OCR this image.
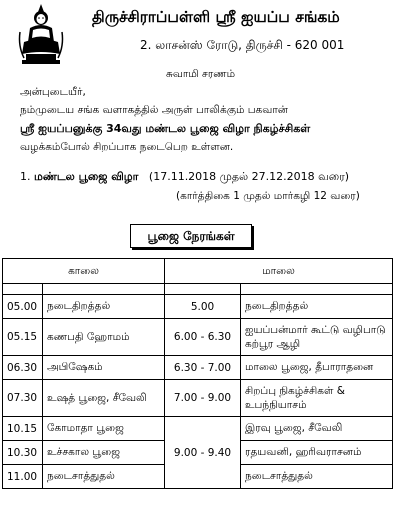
திருச்சிராப்பள்ளி ஸ்ரீ ஐயப்ப சங்கம்
2. லாசன்ஸ் ரோடு, திருச்சி - 620 001
சுவாமி சரணம்
அன்புடையீர்,
நம்முடைய சங்க வளாகத்தில் அருள் பாலிக்கும் பகவான்
ஸ்ரீ ஐயப்பனுக்கு 34வது மண்டல பூஜை விழா நிகழ்ச்சிகள்
வழக்கம்போல் சிறப்பாக நடைபெற உள்ளன.
1. மண்டல பூஜை விழா (17.11.2018 முதல் 27.12.2018 வரை)
(கார்த்திகை 1 முதல் மார்கழி 12 வரை)
பூஜை நேரங்கள்
காலை		மாலை	

05.00	நடைதிறத்தல்	5.00	நடைதிறத்தல்
05.15	கணபதி ஹோமம்	6.00 - 6.30	ஐயப்பன்மார் கூட்டு வழிபாடு கற்பூர ஆழி
06.30	அபிஷேகம்	6.30 - 7.00	மாலை பூஜை, தீபாராதனை
07.30	உஷத் பூஜை, சீவேலி	7.00 - 9.00	சிறப்பு நிகழ்ச்சிகள் & உபந்நியாசம்
10.15	கோமாதா பூஜை	9.00 - 9.40	இரவு பூஜை, சீவேலி
10.30	உச்சகால பூஜை		ரதயவனி, ஹரிவராசனம்
11.00	நடைசாத்துதல்		நடைசாத்துதல்
